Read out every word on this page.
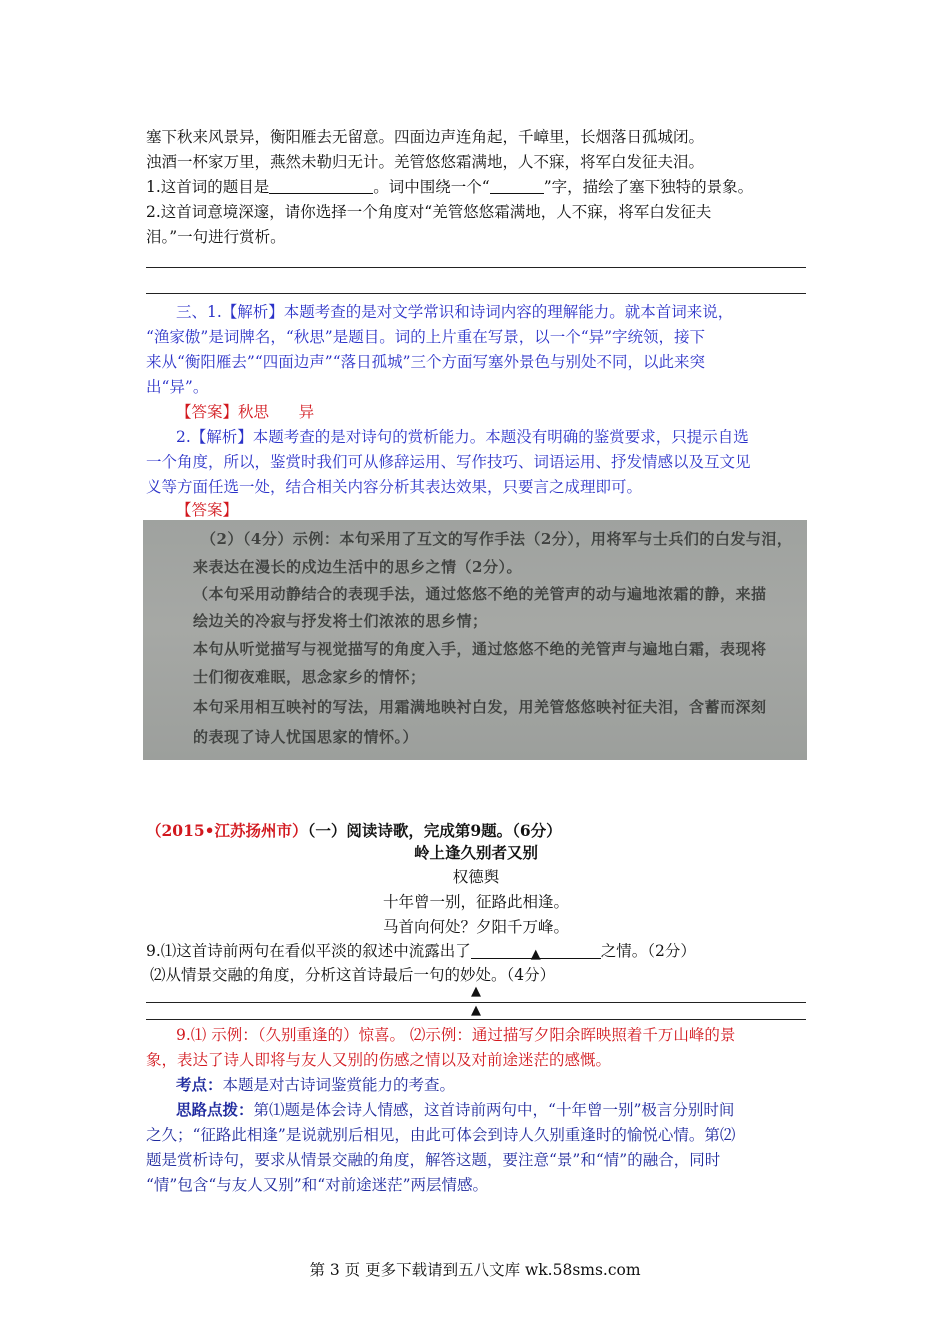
塞下秋来风景异，衡阳雁去无留意。四面边声连角起，千嶂里，长烟落日孤城闭。
浊酒一杯家万里，燕然未勒归无计。羌管悠悠霜满地，人不寐，将军白发征夫泪。
1.这首词的题目是	。词中围绕一个“	”字，描绘了塞下独特的景象。
2.这首词意境深邃，请你选择一个角度对“羌管悠悠霜满地，人不寐，将军白发征夫
泪。”一句进行赏析。
三、1.【解析】本题考查的是对文学常识和诗词内容的理解能力。就本首词来说，
“渔家傲”是词牌名，“秋思”是题目。词的上片重在写景，以一个“异”字统领，接下
来从“衡阳雁去”“四面边声”“落日孤城”三个方面写塞外景色与别处不同，以此来突
出“异”。
【答案】秋思      异
2.【解析】本题考查的是对诗句的赏析能力。本题没有明确的鉴赏要求，只提示自选
一个角度，所以，鉴赏时我们可从修辞运用、写作技巧、词语运用、抒发情感以及互文见
义等方面任选一处，结合相关内容分析其表达效果，只要言之成理即可。
【答案】
（2）（4分）示例：本句采用了互文的写作手法（2分），用将军与士兵们的白发与泪，
来表达在漫长的戍边生活中的思乡之情（2分）。
（本句采用动静结合的表现手法，通过悠悠不绝的羌管声的动与遍地浓霜的静，来描
绘边关的冷寂与抒发将士们浓浓的思乡情；
本句从听觉描写与视觉描写的角度入手，通过悠悠不绝的羌管声与遍地白霜，表现将
士们彻夜难眠，思念家乡的情怀；
本句采用相互映衬的写法，用霜满地映衬白发，用羌管悠悠映衬征夫泪，含蓄而深刻
的表现了诗人忧国思家的情怀。）
（2015•江苏扬州市）（一）阅读诗歌，完成第9题。（6分）
岭上逢久别者又别
权德舆
十年曾一别，征路此相逢。
马首向何处？夕阳千万峰。
9.⑴这首诗前两句在看似平淡的叙述中流露出了	▲	之情。（2分）
⑵从情景交融的角度，分析这首诗最后一句的妙处。（4分）
▲
▲
9.⑴ 示例：（久别重逢的）惊喜。 ⑵示例：通过描写夕阳余晖映照着千万山峰的景
象，表达了诗人即将与友人又别的伤感之情以及对前途迷茫的感慨。
考点：本题是对古诗词鉴赏能力的考查。
思路点拨：第⑴题是体会诗人情感，这首诗前两句中，“十年曾一别”极言分别时间
之久；“征路此相逢”是说就别后相见，由此可体会到诗人久别重逢时的愉悦心情。第⑵
题是赏析诗句，要求从情景交融的角度，解答这题，要注意“景”和“情”的融合，同时
“情”包含“与友人又别”和“对前途迷茫”两层情感。
第 3 页 更多下载请到五八文库 wk.58sms.com
